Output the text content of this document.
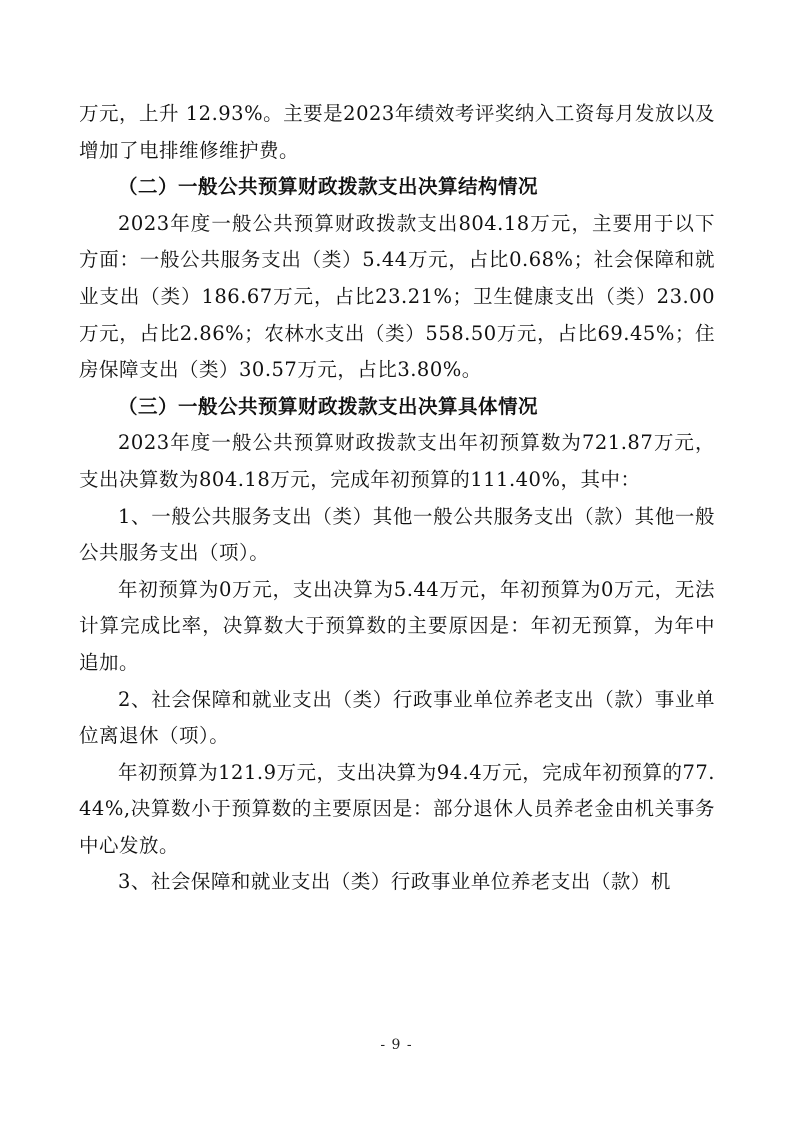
万元，上升 12.93%。主要是2023年绩效考评奖纳入工资每月发放以及增加了电排维修维护费。

（二）一般公共预算财政拨款支出决算结构情况

2023年度一般公共预算财政拨款支出804.18万元，主要用于以下方面：一般公共服务支出（类）5.44万元，占比0.68%；社会保障和就业支出（类）186.67万元，占比23.21%；卫生健康支出（类）23.00万元，占比2.86%；农林水支出（类）558.50万元，占比69.45%；住房保障支出（类）30.57万元，占比3.80%。

（三）一般公共预算财政拨款支出决算具体情况

2023年度一般公共预算财政拨款支出年初预算数为721.87万元，支出决算数为804.18万元，完成年初预算的111.40%，其中：

1、一般公共服务支出（类）其他一般公共服务支出（款）其他一般公共服务支出（项）。

年初预算为0万元，支出决算为5.44万元，年初预算为0万元，无法计算完成比率，决算数大于预算数的主要原因是：年初无预算，为年中追加。

2、社会保障和就业支出（类）行政事业单位养老支出（款）事业单位离退休（项）。

年初预算为121.9万元，支出决算为94.4万元，完成年初预算的77.44%,决算数小于预算数的主要原因是：部分退休人员养老金由机关事务中心发放。

3、社会保障和就业支出（类）行政事业单位养老支出（款）机

- 9 -
